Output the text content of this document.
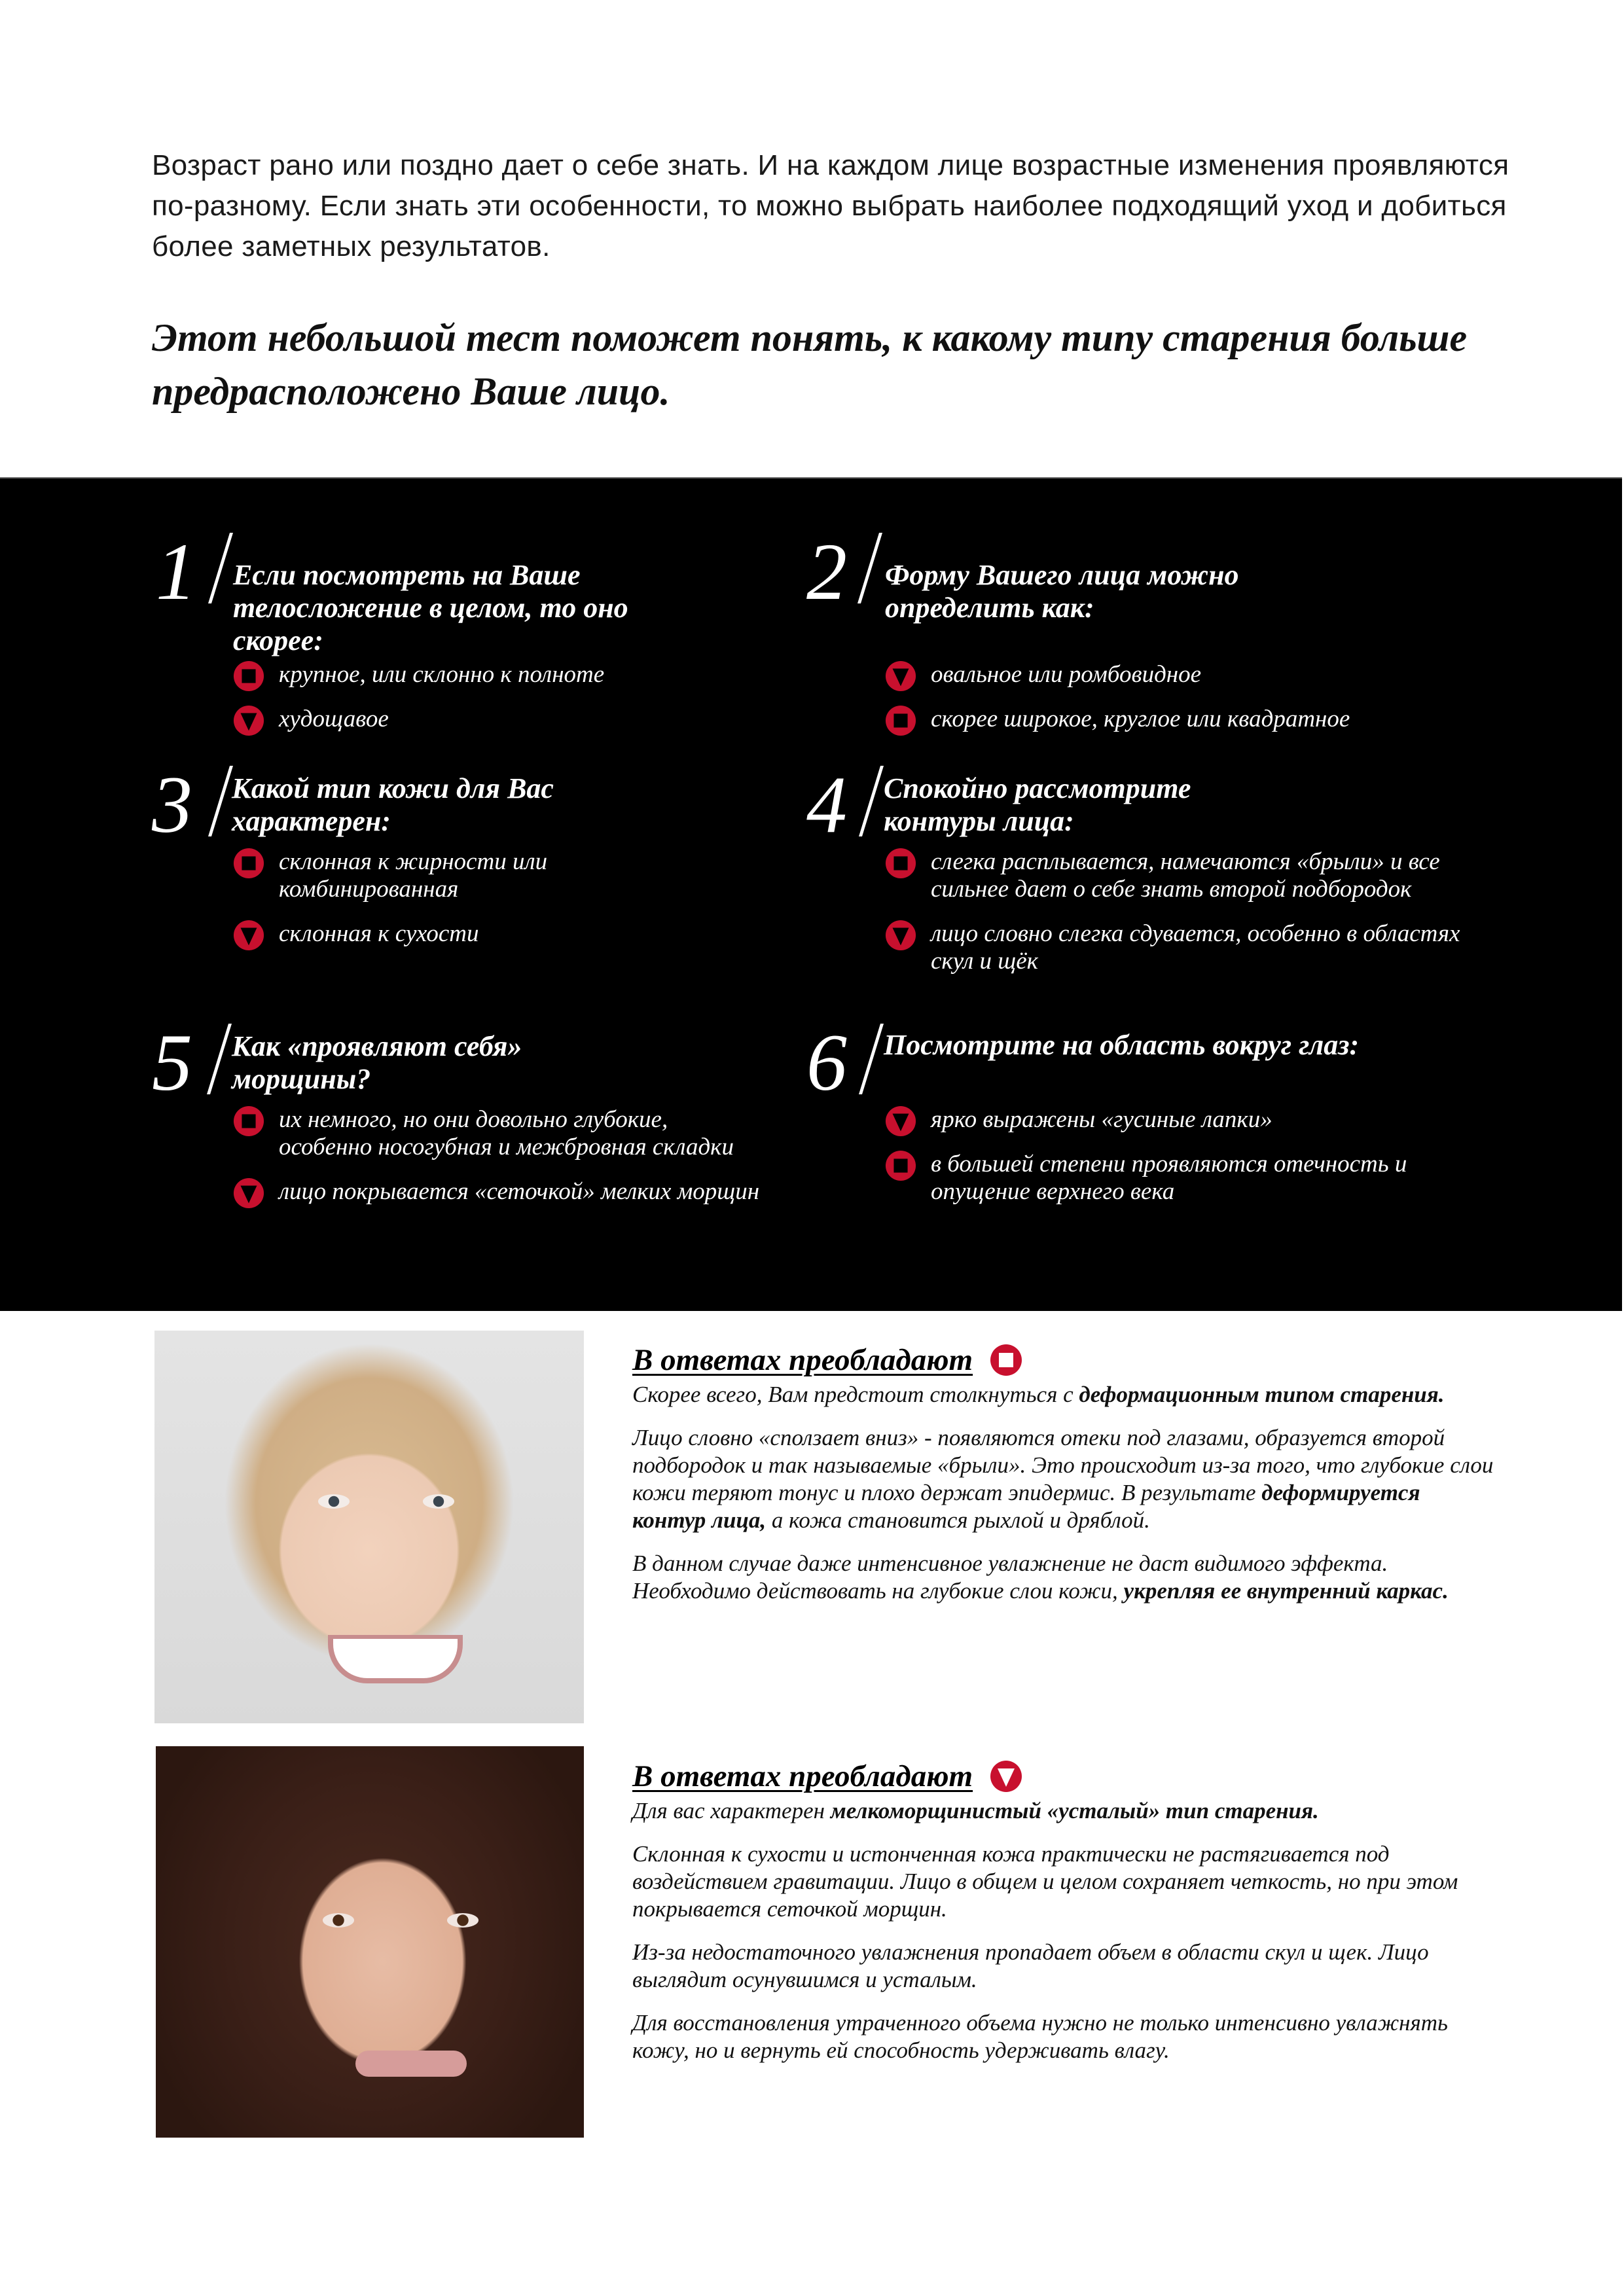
Возраст рано или поздно дает о себе знать. И на каждом лице возрастные изменения проявляются по-разному. Если знать эти особенности, то можно выбрать наиболее подходящий уход и добиться более заметных результатов.
Этот небольшой тест поможет понять, к какому типу старения больше предрасположено Ваше лицо.
1 Если посмотреть на Ваше телосложение в целом, то оно скорее:
крупное, или склонно к полноте
худощавое
2 Форму Вашего лица можно определить как:
овальное или ромбовидное
скорее широкое, круглое или квадратное
3 Какой тип кожи для Вас характерен:
склонная к жирности или комбинированная
склонная к сухости
4 Спокойно рассмотрите контуры лица:
слегка расплывается, намечаются «брыли» и все сильнее дает о себе знать второй подбородок
лицо словно слегка сдувается, особенно в областях скул и щёк
5 Как «проявляют себя» морщины?
их немного, но они довольно глубокие, особенно носогубная и межбровная складки
лицо покрывается «сеточкой» мелких морщин
6 Посмотрите на область вокруг глаз:
ярко выражены «гусиные лапки»
в большей степени проявляются отечность и опущение верхнего века
В ответах преобладают

Скорее всего, Вам предстоит столкнуться с деформационным типом старения.

Лицо словно «сползает вниз» - появляются отеки под глазами, образуется второй подбородок и так называемые «брыли». Это происходит из-за того, что глубокие слои кожи теряют тонус и плохо держат эпидермис. В результате деформируется контур лица, а кожа становится рыхлой и дряблой.

В данном случае даже интенсивное увлажнение не даст видимого эффекта. Необходимо действовать на глубокие слои кожи, укрепляя ее внутренний каркас.

В ответах преобладают

Для вас характерен мелкоморщинистый «усталый» тип старения.

Склонная к сухости и истонченная кожа практически не растягивается под воздействием гравитации. Лицо в общем и целом сохраняет четкость, но при этом покрывается сеточкой морщин.

Из-за недостаточного увлажнения пропадает объем в области скул и щек. Лицо выглядит осунувшимся и усталым.

Для восстановления утраченного объема нужно не только интенсивно увлажнять кожу, но и вернуть ей способность удерживать влагу.
